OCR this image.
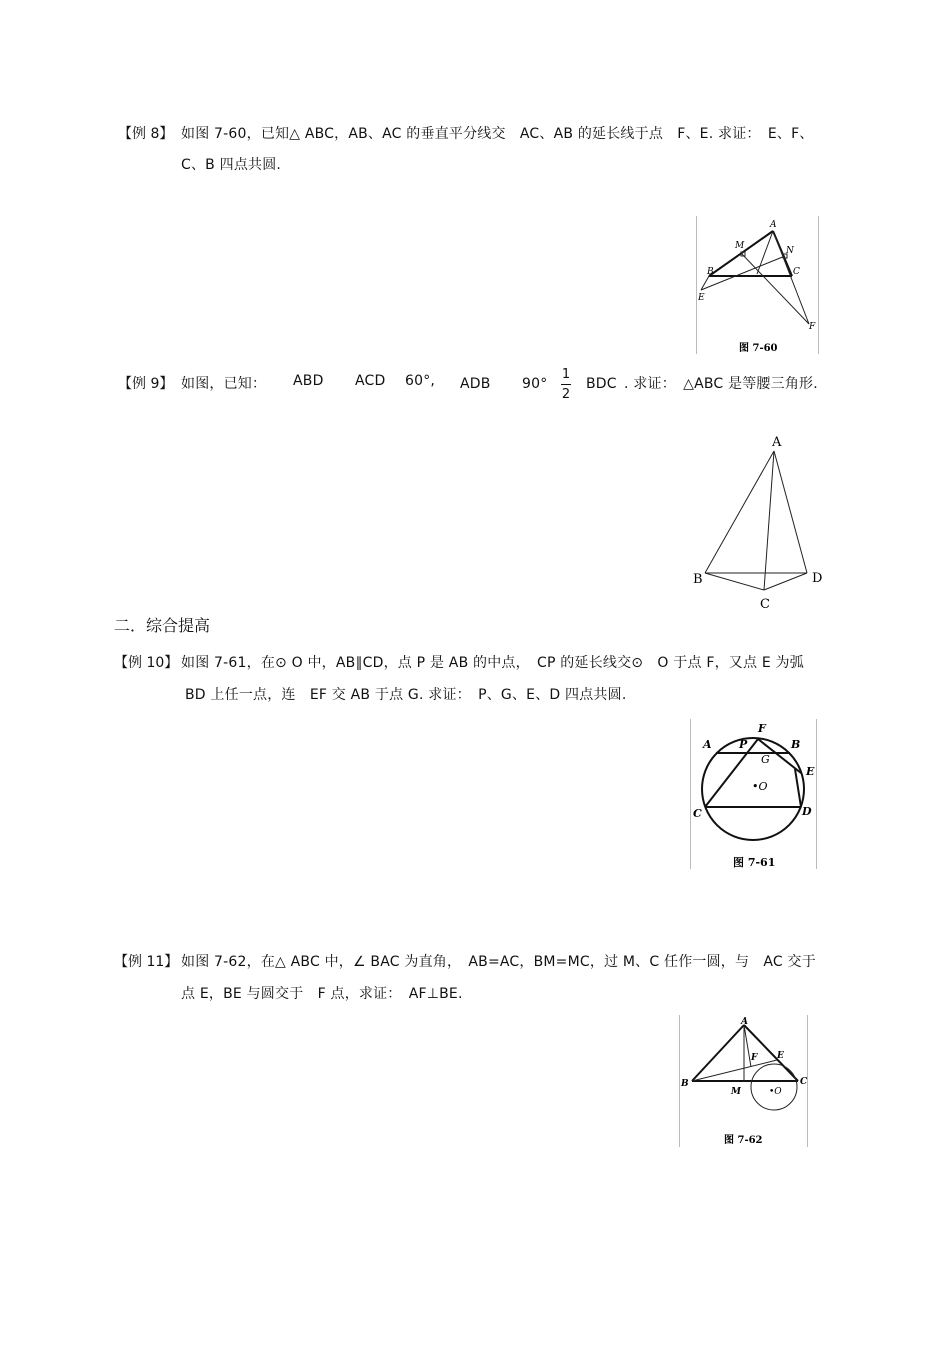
【例 8】 如图 7-60，已知△ ABC，AB、AC 的垂直平分线交　AC、AB 的延长线于点　F、E. 求证：　E、F、
C、B 四点共圆.
A
M	N
B	C
E
F
图 7-60
【例 9】 如图，已知： ABD ACD 60°, ADB 90°
1
2
BDC . 求证：　△ABC 是等腰三角形.
A
B	D
C
二．综合提高
【例 10】 如图 7-61，在⊙ O 中，AB∥CD，点 P 是 AB 的中点，　CP 的延长线交⊙　O 于点 F，又点 E 为弧
BD 上任一点，连　EF 交 AB 于点 G. 求证：　P、G、E、D 四点共圆.
F
A P	B
G
E
•O
C	D
图 7-61
【例 11】 如图 7-62，在△ ABC 中，∠ BAC 为直角，　AB=AC，BM=MC，过 M、C 任作一圆，与　AC 交于
点 E，BE 与圆交于　F 点，求证：　AF⊥BE.
A
F E
B	C
M	•O
图 7-62
